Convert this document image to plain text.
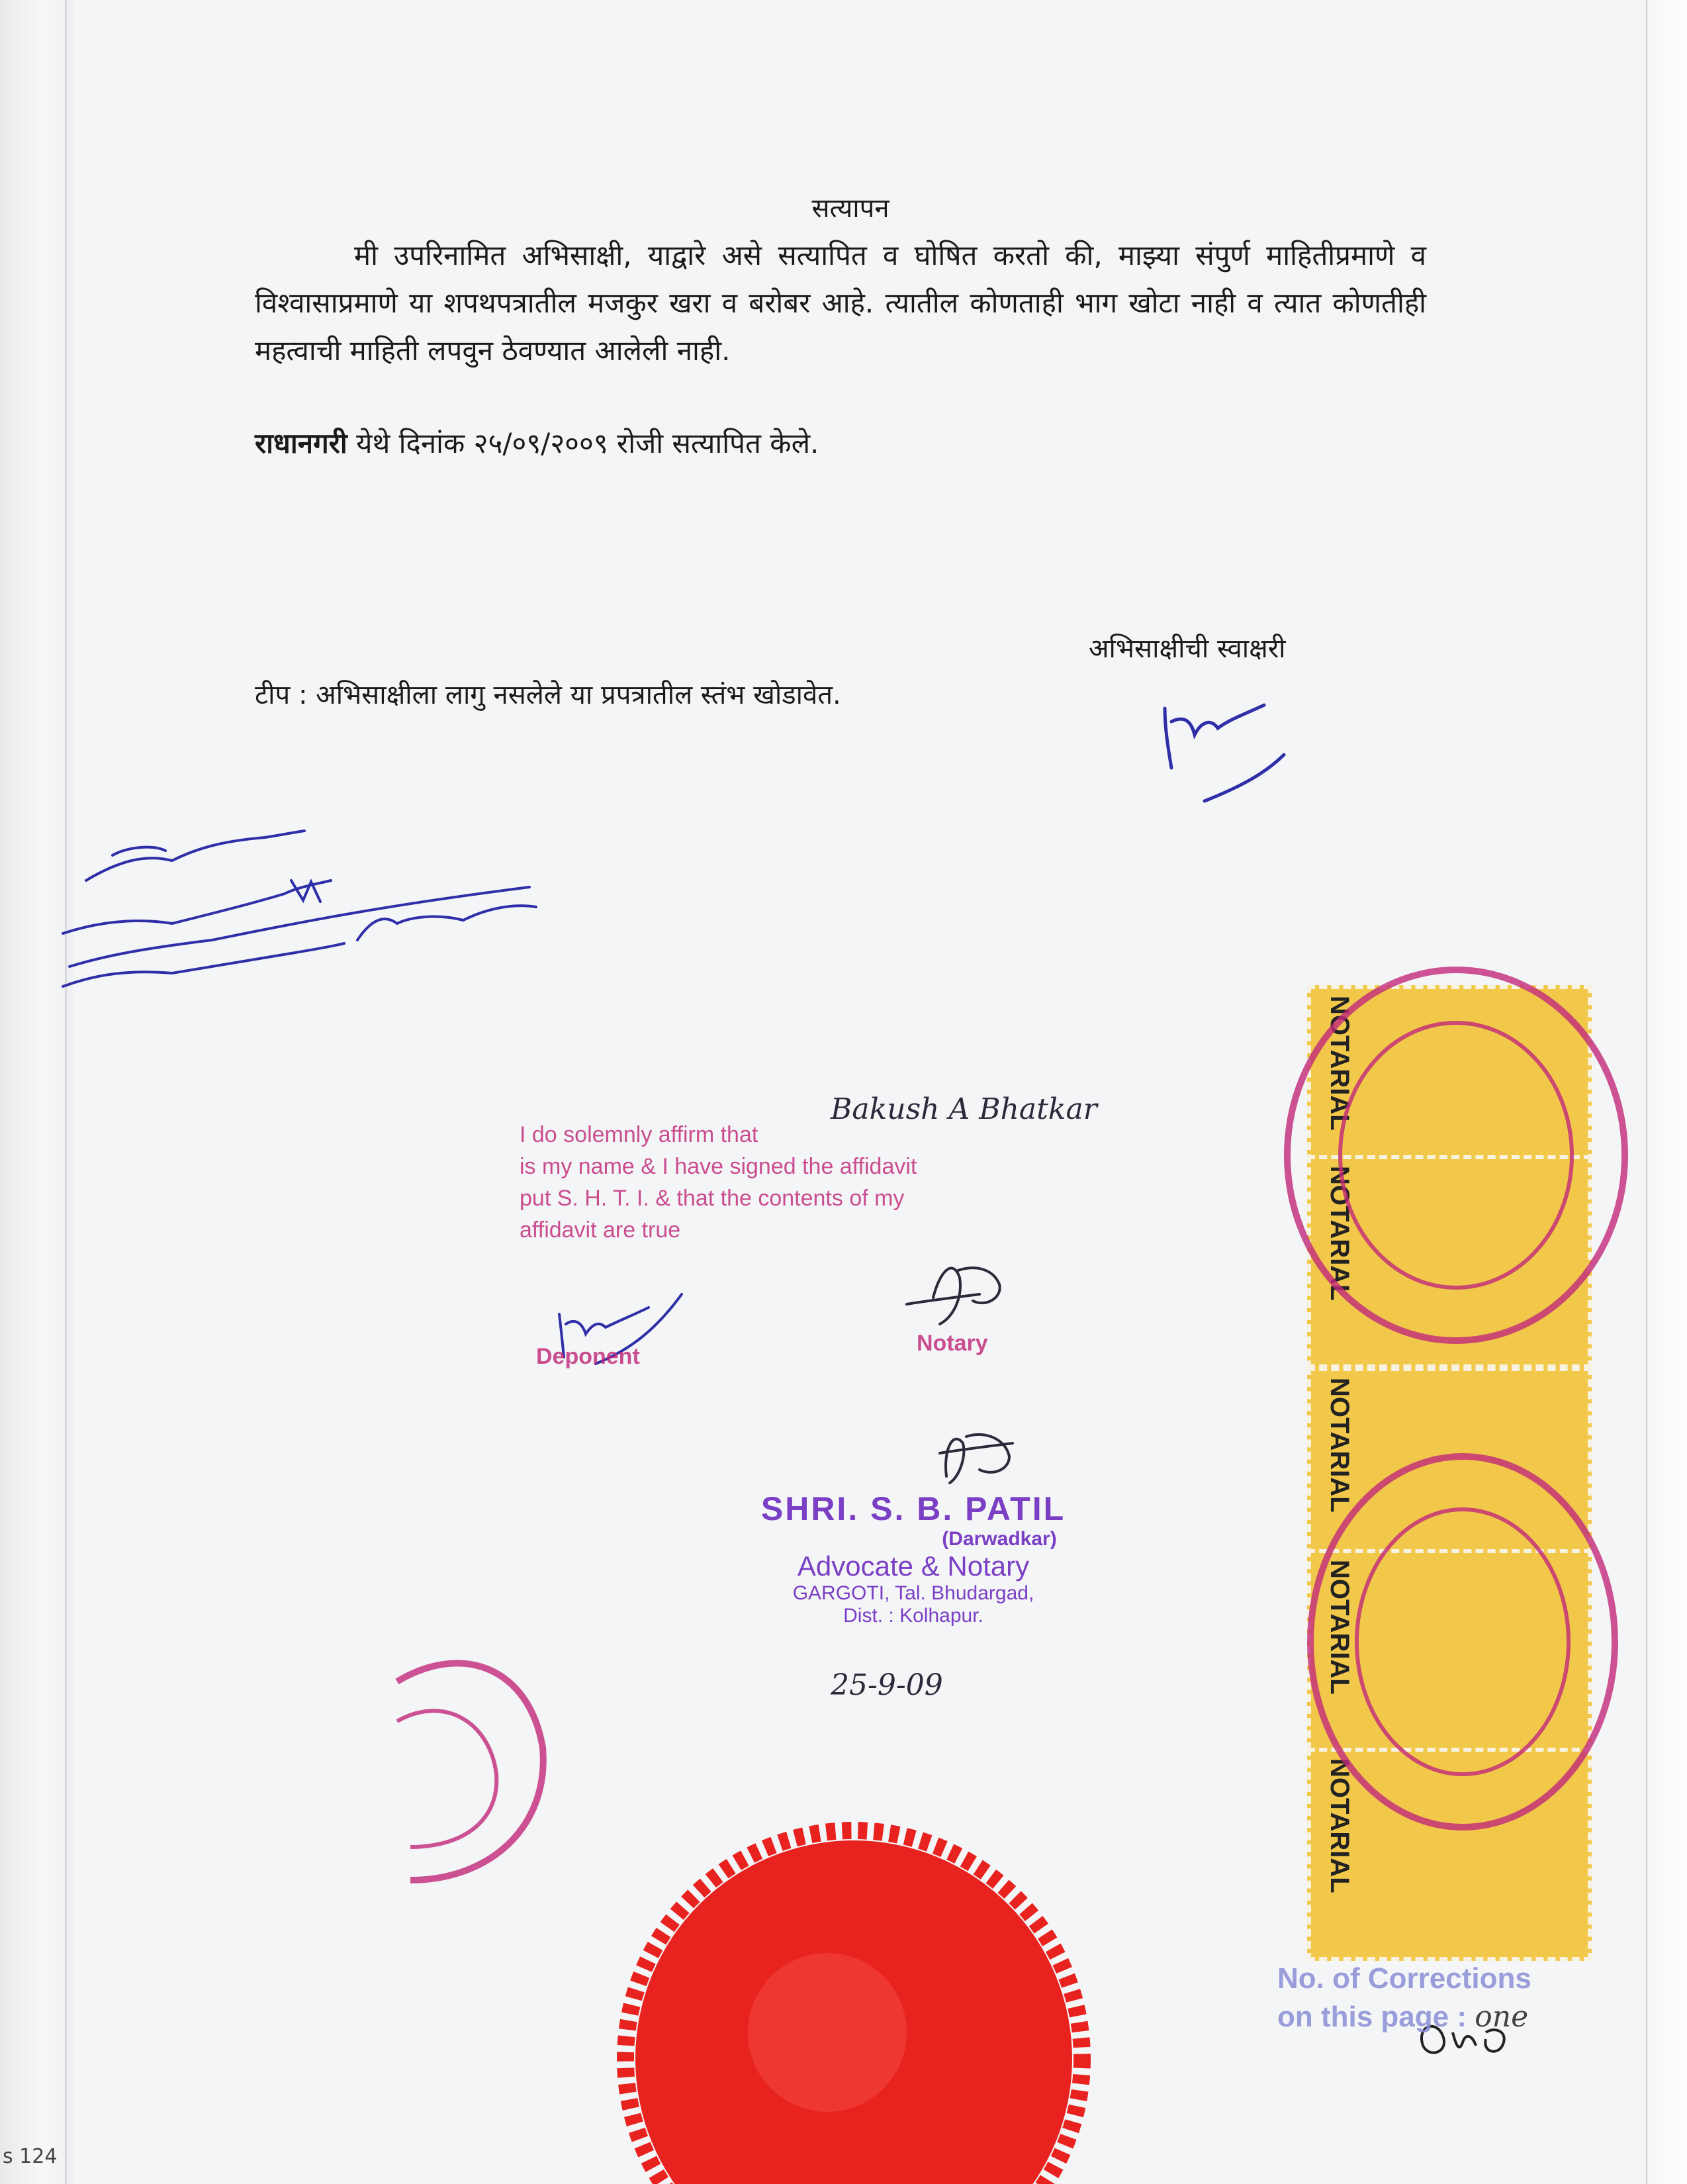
सत्यापन
मी उपरिनामित अभिसाक्षी, याद्वारे असे सत्यापित व घोषित करतो की, माझ्या संपुर्ण माहितीप्रमाणे व विश्वासाप्रमाणे या शपथपत्रातील मजकुर खरा व बरोबर आहे. त्यातील कोणताही भाग खोटा नाही व त्यात कोणतीही महत्वाची माहिती लपवुन ठेवण्यात आलेली नाही.
राधानगरी येथे दिनांक २५/०९/२००९ रोजी सत्यापित केले.
अभिसाक्षीची स्वाक्षरी
टीप : अभिसाक्षीला लागु नसलेले या प्रपत्रातील स्तंभ खोडावेत.
NOTARIAL
NOTARIAL
NOTARIAL
NOTARIAL
NOTARIAL
I do solemnly affirm that
is my name & I have signed the affidavit
put S. H. T. I. & that the contents of my
affidavit are true
Deponent
Notary
Bakush A Bhatkar
SHRI. S. B. PATIL
(Darwadkar)
Advocate & Notary
GARGOTI, Tal. Bhudargad,
Dist. : Kolhapur.
25-9-09
No. of Corrections
on this page : one
s 124
